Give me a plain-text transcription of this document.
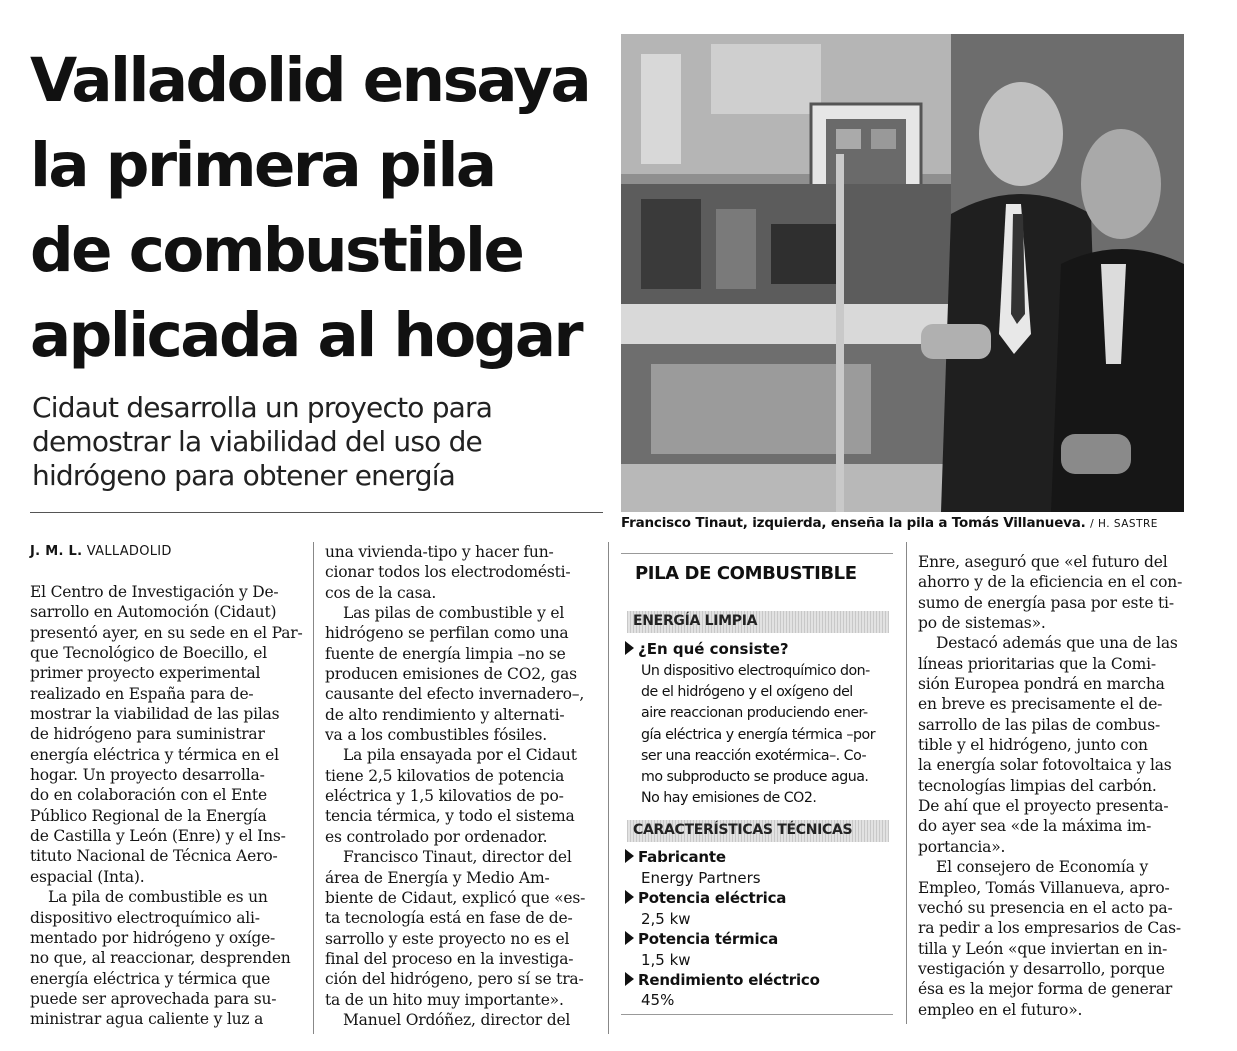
Valladolid ensaya
la primera pila
de combustible
aplicada al hogar
Cidaut desarrolla un proyecto para
demostrar la viabilidad del uso de
hidrógeno para obtener energía
Francisco Tinaut, izquierda, enseña la pila a Tomás Villanueva. / H. SASTRE
J. M. L. VALLADOLID
El Centro de Investigación y De-
sarrollo en Automoción (Cidaut)
presentó ayer, en su sede en el Par-
que Tecnológico de Boecillo, el
primer proyecto experimental
realizado en España para de-
mostrar la viabilidad de las pilas
de hidrógeno para suministrar
energía eléctrica y térmica en el
hogar. Un proyecto desarrolla-
do en colaboración con el Ente
Público Regional de la Energía
de Castilla y León (Enre) y el Ins-
tituto Nacional de Técnica Aero-
espacial (Inta).
La pila de combustible es un
dispositivo electroquímico ali-
mentado por hidrógeno y oxíge-
no que, al reaccionar, desprenden
energía eléctrica y térmica que
puede ser aprovechada para su-
ministrar agua caliente y luz a
una vivienda-tipo y hacer fun-
cionar todos los electrodomésti-
cos de la casa.
Las pilas de combustible y el
hidrógeno se perfilan como una
fuente de energía limpia –no se
producen emisiones de CO2, gas
causante del efecto invernadero–,
de alto rendimiento y alternati-
va a los combustibles fósiles.
La pila ensayada por el Cidaut
tiene 2,5 kilovatios de potencia
eléctrica y 1,5 kilovatios de po-
tencia térmica, y todo el sistema
es controlado por ordenador.
Francisco Tinaut, director del
área de Energía y Medio Am-
biente de Cidaut, explicó que «es-
ta tecnología está en fase de de-
sarrollo y este proyecto no es el
final del proceso en la investiga-
ción del hidrógeno, pero sí se tra-
ta de un hito muy importante».
Manuel Ordóñez, director del
PILA DE COMBUSTIBLE
ENERGÍA LIMPIA
¿En qué consiste?
Un dispositivo electroquímico don-
de el hidrógeno y el oxígeno del
aire reaccionan produciendo ener-
gía eléctrica y energía térmica –por
ser una reacción exotérmica–. Co-
mo subproducto se produce agua.
No hay emisiones de CO2.
CARACTERÍSTICAS TÉCNICAS
Fabricante
Energy Partners
Potencia eléctrica
2,5 kw
Potencia térmica
1,5 kw
Rendimiento eléctrico
45%
Enre, aseguró que «el futuro del
ahorro y de la eficiencia en el con-
sumo de energía pasa por este ti-
po de sistemas».
Destacó además que una de las
líneas prioritarias que la Comi-
sión Europea pondrá en marcha
en breve es precisamente el de-
sarrollo de las pilas de combus-
tible y el hidrógeno, junto con
la energía solar fotovoltaica y las
tecnologías limpias del carbón.
De ahí que el proyecto presenta-
do ayer sea «de la máxima im-
portancia».
El consejero de Economía y
Empleo, Tomás Villanueva, apro-
vechó su presencia en el acto pa-
ra pedir a los empresarios de Cas-
tilla y León «que inviertan en in-
vestigación y desarrollo, porque
ésa es la mejor forma de generar
empleo en el futuro».
